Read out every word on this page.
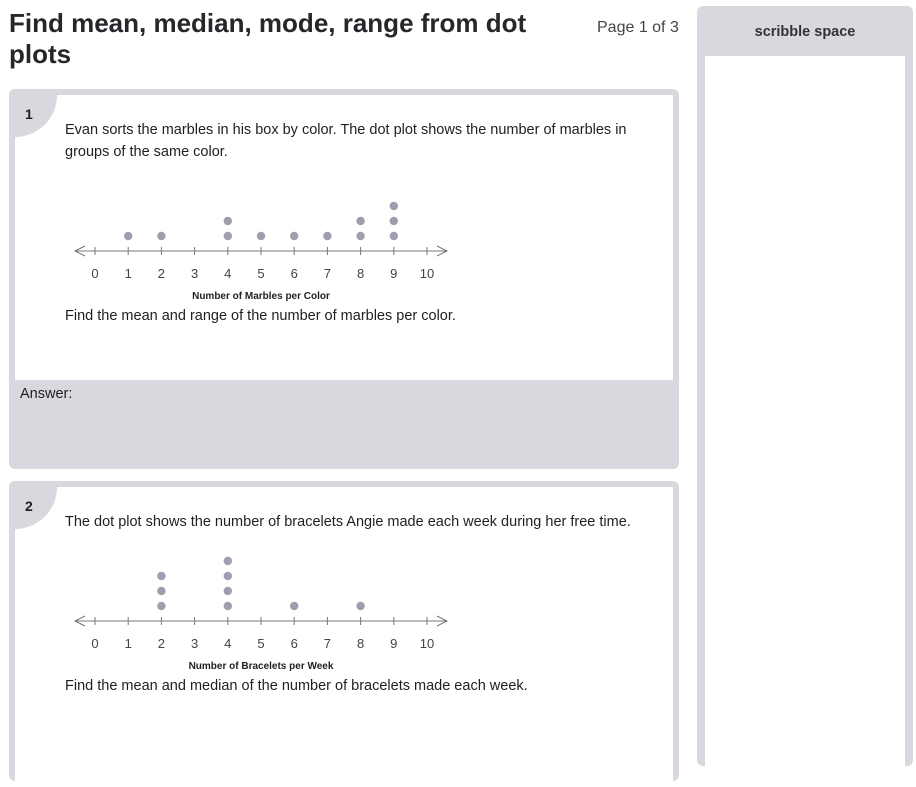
Find mean, median, mode, range from dot plots
Page 1 of 3
1
Evan sorts the marbles in his box by color. The dot plot shows the number of marbles in groups of the same color.
0 1 2 3 4 5 6 7 8 9 10
Number of Marbles per Color
Find the mean and range of the number of marbles per color.
Answer:
2
The dot plot shows the number of bracelets Angie made each week during her free time.
0 1 2 3 4 5 6 7 8 9 10
Number of Bracelets per Week
Find the mean and median of the number of bracelets made each week.
scribble space
